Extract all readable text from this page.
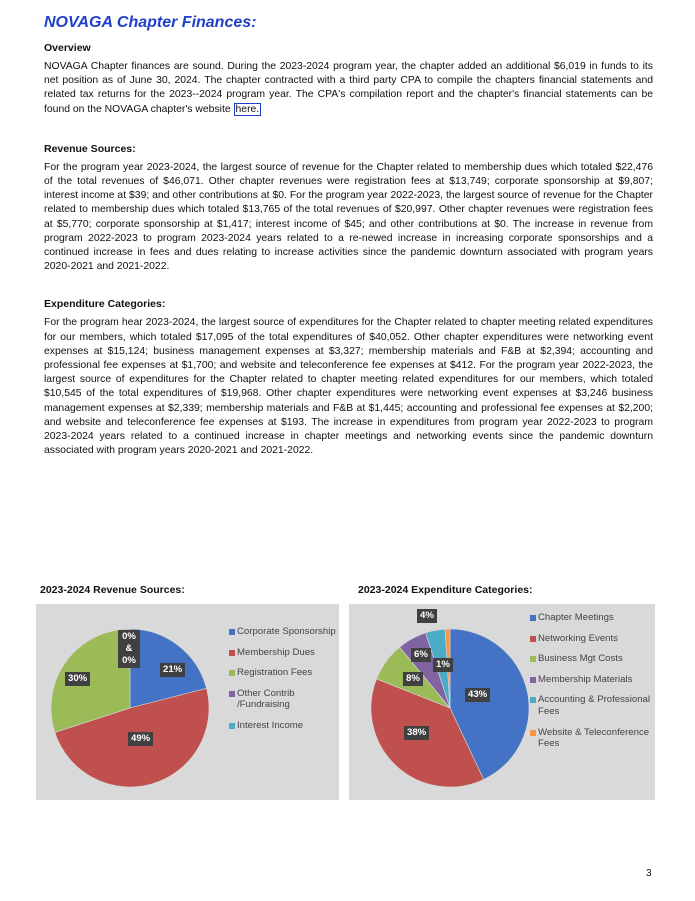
NOVAGA Chapter Finances:
Overview

NOVAGA Chapter finances are sound. During the 2023-2024 program year, the chapter added an additional $6,019 in funds to its net position as of June 30, 2024. The chapter contracted with a third party CPA to compile the chapters financial statements and related tax returns for the 2023--2024 program year. The CPA's compilation report and the chapter's financial statements can be found on the NOVAGA chapter's website here.

Revenue Sources:

For the program year 2023-2024, the largest source of revenue for the Chapter related to membership dues which totaled $22,476 of the total revenues of $46,071. Other chapter revenues were registration fees at $13,749; corporate sponsorship at $9,807; interest income at $39; and other contributions at $0. For the program year 2022-2023, the largest source of revenue for the Chapter related to membership dues which totaled $13,765 of the total revenues of $20,997. Other chapter revenues were registration fees at $5,770; corporate sponsorship at $1,417; interest income of $45; and other contributions at $0. The increase in revenue from program 2022-2023 to program 2023-2024 years related to a re-newed increase in increasing corporate sponsorships and a continued increase in fees and dues relating to increase activities since the pandemic downturn associated with program years 2020-2021 and 2021-2022.

Expenditure Categories:

For the program hear 2023-2024, the largest source of expenditures for the Chapter related to chapter meeting related expenditures for our members, which totaled $17,095 of the total expenditures of $40,052. Other chapter expenditures were networking event expenses at $15,124; business management expenses at $3,327; membership materials and F&B at $2,394; accounting and professional fee expenses at $1,700; and website and teleconference fee expenses at $412. For the program year 2022-2023, the largest source of expenditures for the Chapter related to chapter meeting related expenditures for our members, which totaled $10,545 of the total expenditures of $19,968. Other chapter expenditures were networking event expenses at $3,246 business management expenses at $2,339; membership materials and F&B at $1,445; accounting and professional fee expenses at $2,200; and website and teleconference fee expenses at $193. The increase in expenditures from program year 2022-2023 to program 2023-2024 years related to a continued increase in chapter meetings and networking events since the pandemic downturn associated with program years 2020-2021 and 2021-2022.

2023-2024 Revenue Sources:
Corporate Sponsorship
Membership Dues
Registration Fees
Other Contrib /Fundraising
Interest Income
0%
&
0%
21%
30%
49%
2023-2024 Expenditure Categories:
Chapter Meetings
Networking Events
Business Mgt Costs
Membership Materials
Accounting & Professional Fees
Website & Teleconference Fees
4%
6%
1%
8%
43%
38%
3
